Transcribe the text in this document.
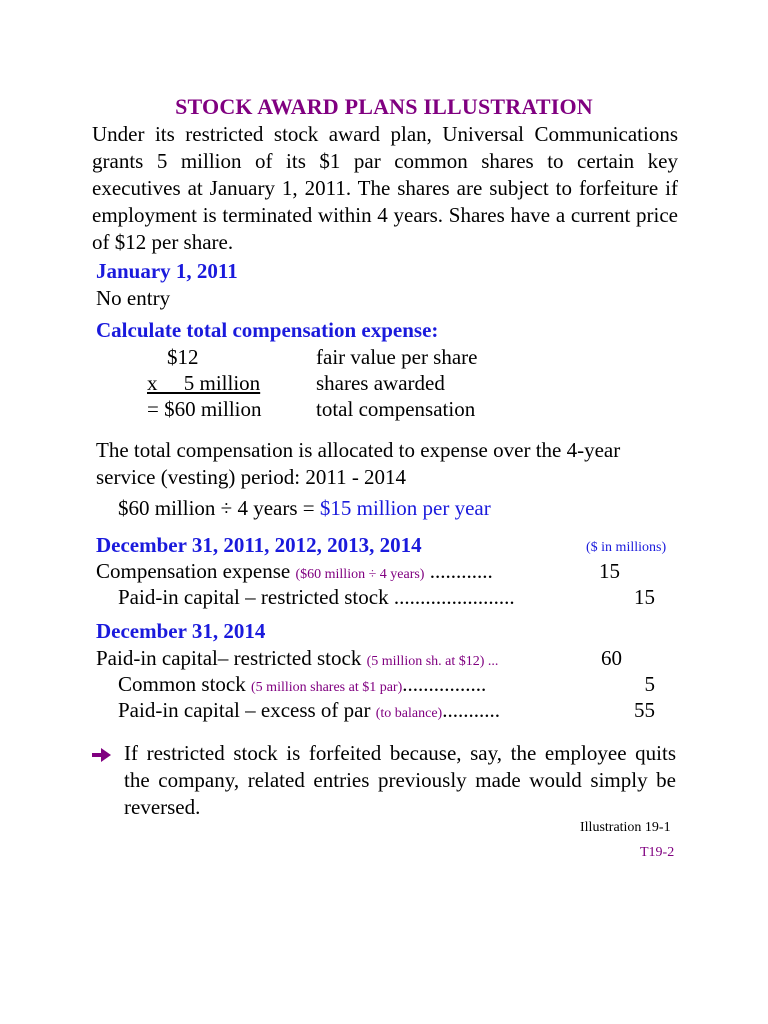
STOCK AWARD PLANS ILLUSTRATION
Under its restricted stock award plan, Universal Communications grants 5 million of its $1 par common shares to certain key executives at January 1, 2011. The shares are subject to forfeiture if employment is terminated within 4 years. Shares have a current price of $12 per share.
January 1, 2011
No entry
Calculate total compensation expense:
$12	fair value per share
x     5 million	shares awarded
= $60 million	total compensation
The total compensation is allocated to expense over the 4-year service (vesting) period: 2011 - 2014
$60 million ÷ 4 years = $15 million per year
December 31, 2011, 2012, 2013, 2014	($ in millions)
Compensation expense ($60 million ÷ 4 years) ............	15
Paid-in capital – restricted stock .......................	15
December 31, 2014
Paid-in capital– restricted stock (5 million sh. at $12) ...	60
Common stock (5 million shares at $1 par)................	5
Paid-in capital – excess of par (to balance)...........	55
If restricted stock is forfeited because, say, the employee quits the company, related entries previously made would simply be reversed.
Illustration 19-1
T19-2
